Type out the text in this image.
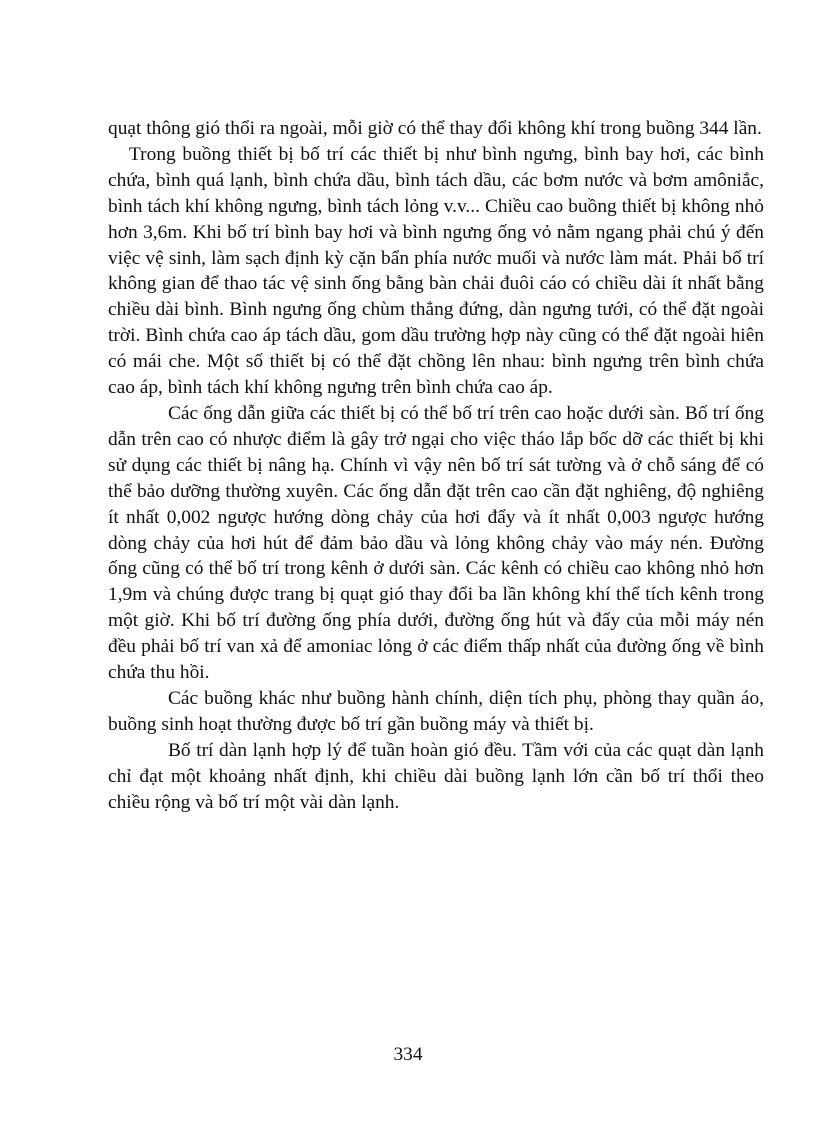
quạt thông gió thổi ra ngoài, mỗi giờ có thể thay đổi không khí trong buồng 344 lần.

Trong buồng thiết bị bố trí các thiết bị như bình ngưng, bình bay hơi, các bình chứa, bình quá lạnh, bình chứa dầu, bình tách dầu, các bơm nước và bơm amôniắc, bình tách khí không ngưng, bình tách lỏng v.v... Chiều cao buồng thiết bị không nhỏ hơn 3,6m. Khi bố trí bình bay hơi và bình ngưng ống vỏ nằm ngang phải chú ý đến việc vệ sinh, làm sạch định kỳ cặn bẩn phía nước muối và nước làm mát. Phải bố trí không gian để thao tác vệ sinh ống bằng bàn chải đuôi cáo có chiều dài ít nhất bằng chiều dài bình. Bình ngưng ống chùm thẳng đứng, dàn ngưng tưới, có thể đặt ngoài trời. Bình chứa cao áp tách dầu, gom dầu trường hợp này cũng có thể đặt ngoài hiên có mái che. Một số thiết bị có thể đặt chồng lên nhau: bình ngưng trên bình chứa cao áp, bình tách khí không ngưng trên bình chứa cao áp.

Các ống dẫn giữa các thiết bị có thể bố trí trên cao hoặc dưới sàn. Bố trí ống dẫn trên cao có nhược điểm là gây trở ngại cho việc tháo lắp bốc dỡ các thiết bị khi sử dụng các thiết bị nâng hạ. Chính vì vậy nên bố trí sát tường và ở chỗ sáng để có thể bảo dưỡng thường xuyên. Các ống dẫn đặt trên cao cần đặt nghiêng, độ nghiêng ít nhất 0,002 ngược hướng dòng chảy của hơi đẩy và ít nhất 0,003 ngược hướng dòng chảy của hơi hút để đảm bảo dầu và lỏng không chảy vào máy nén. Đường ống cũng có thể bố trí trong kênh ở dưới sàn. Các kênh có chiều cao không nhỏ hơn 1,9m và chúng được trang bị quạt gió thay đổi ba lần không khí thể tích kênh trong một giờ. Khi bố trí đường ống phía dưới, đường ống hút và đẩy của mỗi máy nén đều phải bố trí van xả để amoniac lỏng ở các điểm thấp nhất của đường ống về bình chứa thu hồi.

Các buồng khác như buồng hành chính, diện tích phụ, phòng thay quần áo, buồng sinh hoạt thường được bố trí gần buồng máy và thiết bị.

Bố trí dàn lạnh hợp lý để tuần hoàn gió đều. Tầm với của các quạt dàn lạnh chỉ đạt một khoảng nhất định, khi chiều dài buồng lạnh lớn cần bố trí thổi theo chiều rộng và bố trí một vài dàn lạnh.

334
